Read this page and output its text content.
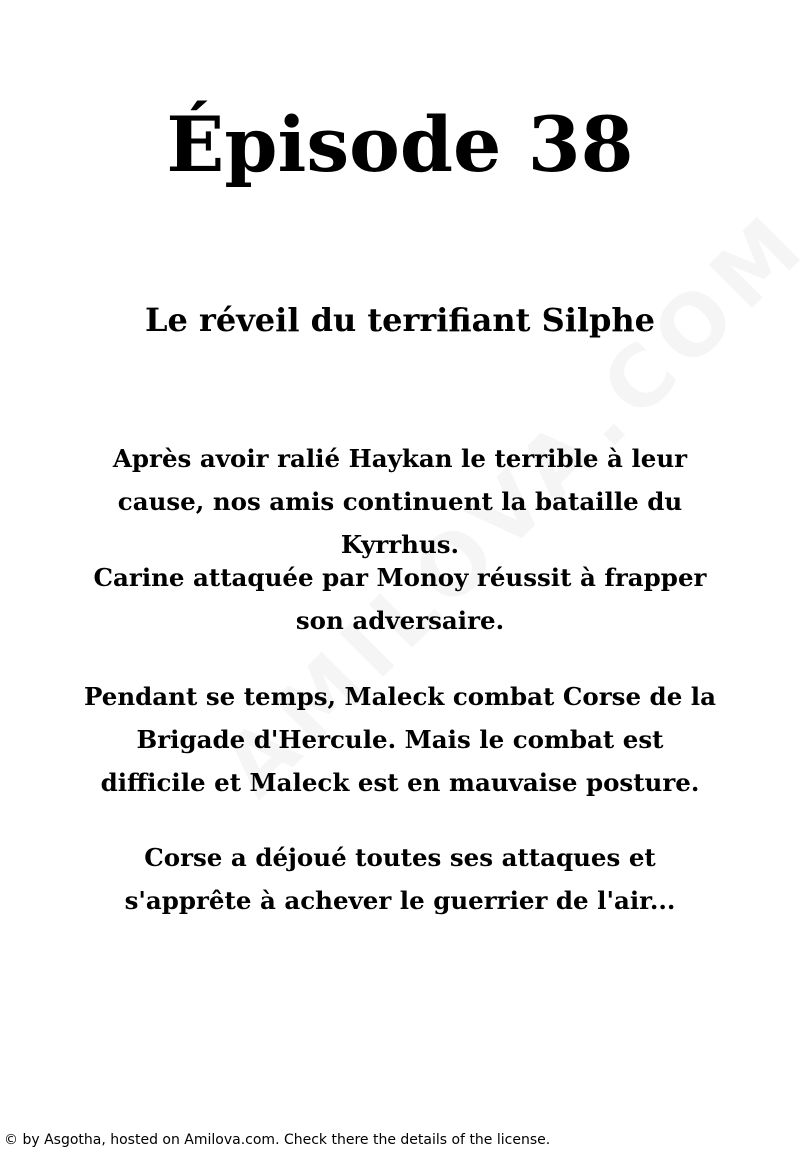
Épisode 38
Le réveil du terrifiant Silphe

Après avoir ralié Haykan le terrible à leur cause, nos amis continuent la bataille du Kyrrhus.

Carine attaquée par Monoy réussit à frapper son adversaire.

Pendant se temps, Maleck combat Corse de la Brigade d'Hercule. Mais le combat est difficile et Maleck est en mauvaise posture.

Corse a déjoué toutes ses attaques et s'apprête à achever le guerrier de l'air...

© by Asgotha, hosted on Amilova.com. Check there the details of the license.
